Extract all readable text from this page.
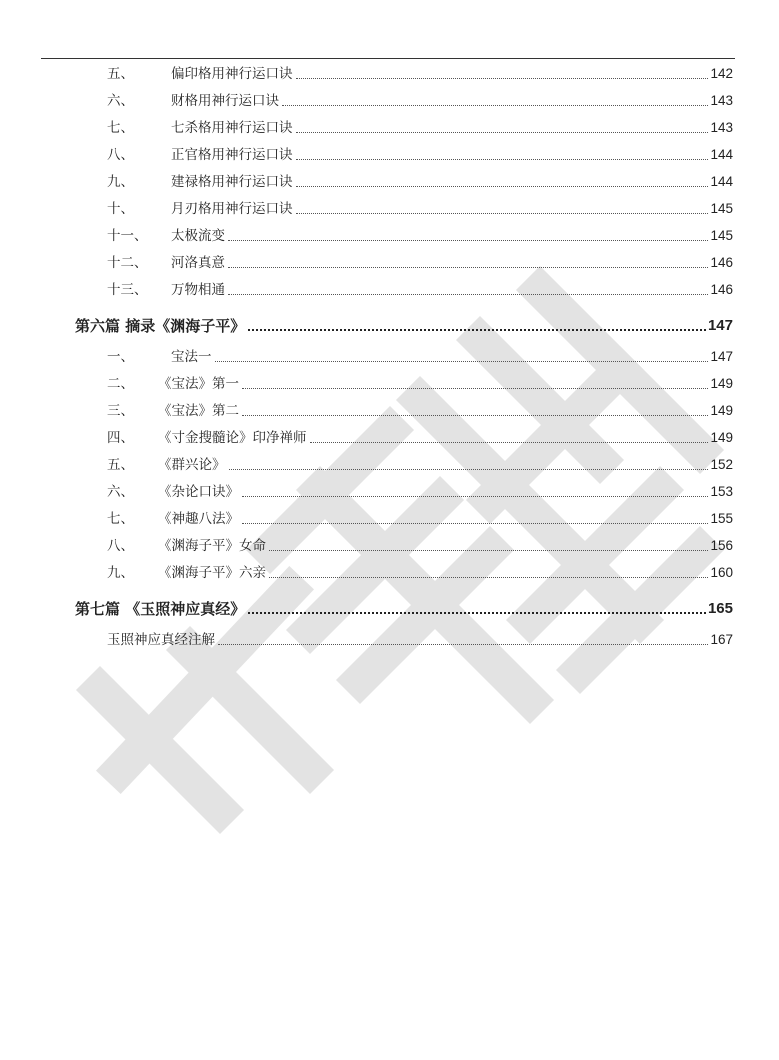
五、	偏印格用神行运口诀	142
六、	财格用神行运口诀	143
七、	七杀格用神行运口诀	143
八、	正官格用神行运口诀	144
九、	建禄格用神行运口诀	144
十、	月刃格用神行运口诀	145
十一、 太极流变	145
十二、 河洛真意	146
十三、 万物相通	146
第六篇 摘录《渊海子平》	147
一、	宝法一	147
二、 《宝法》第一	149
三、 《宝法》第二	149
四、 《寸金搜髓论》印净禅师	149
五、 《群兴论》	152
六、 《杂论口诀》	153
七、 《神趣八法》	155
八、 《渊海子平》女命	156
九、 《渊海子平》六亲	160
第七篇 《玉照神应真经》	165
玉照神应真经注解	167
